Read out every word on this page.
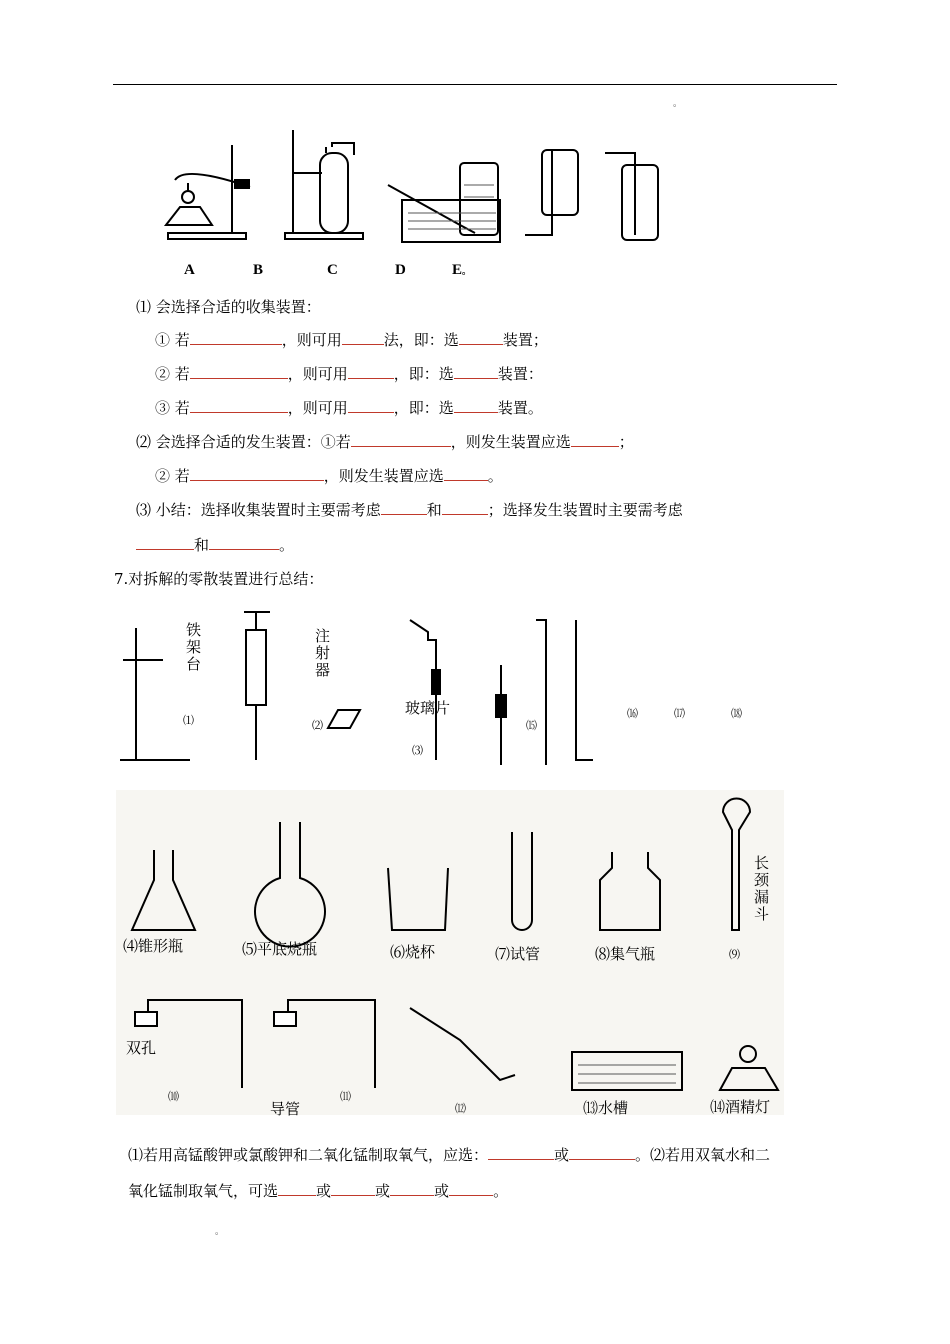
。
A	B	C	D	E。
⑴ 会选择合适的收集装置：
① 若	，则可用	法，即：选	装置；
② 若	，则可用	，即：选	装置：
③ 若	，则可用	，即：选	装置。
⑵ 会选择合适的发生装置：①若	，则发生装置应选	；
② 若	，则发生装置应选	。
⑶ 小结：选择收集装置时主要需考虑	和	；选择发生装置时主要需考虑
和	。
7.对拆解的零散装置进行总结：
铁架台
⑴
注射器
⑵
玻璃片
⑶
⒂
⒃	⒄	⒅
⑷锥形瓶	⑸平底烧瓶	⑹烧杯	⑺试管	⑻集气瓶	⑼
长颈漏斗
双孔
⑽
导管
⑾
⑿	⒀水槽	⒁酒精灯
⑴若用高锰酸钾或氯酸钾和二氧化锰制取氧气，应选：	或	。⑵若用双氧水和二
氧化锰制取氧气，可选	或	或	或	。
。
